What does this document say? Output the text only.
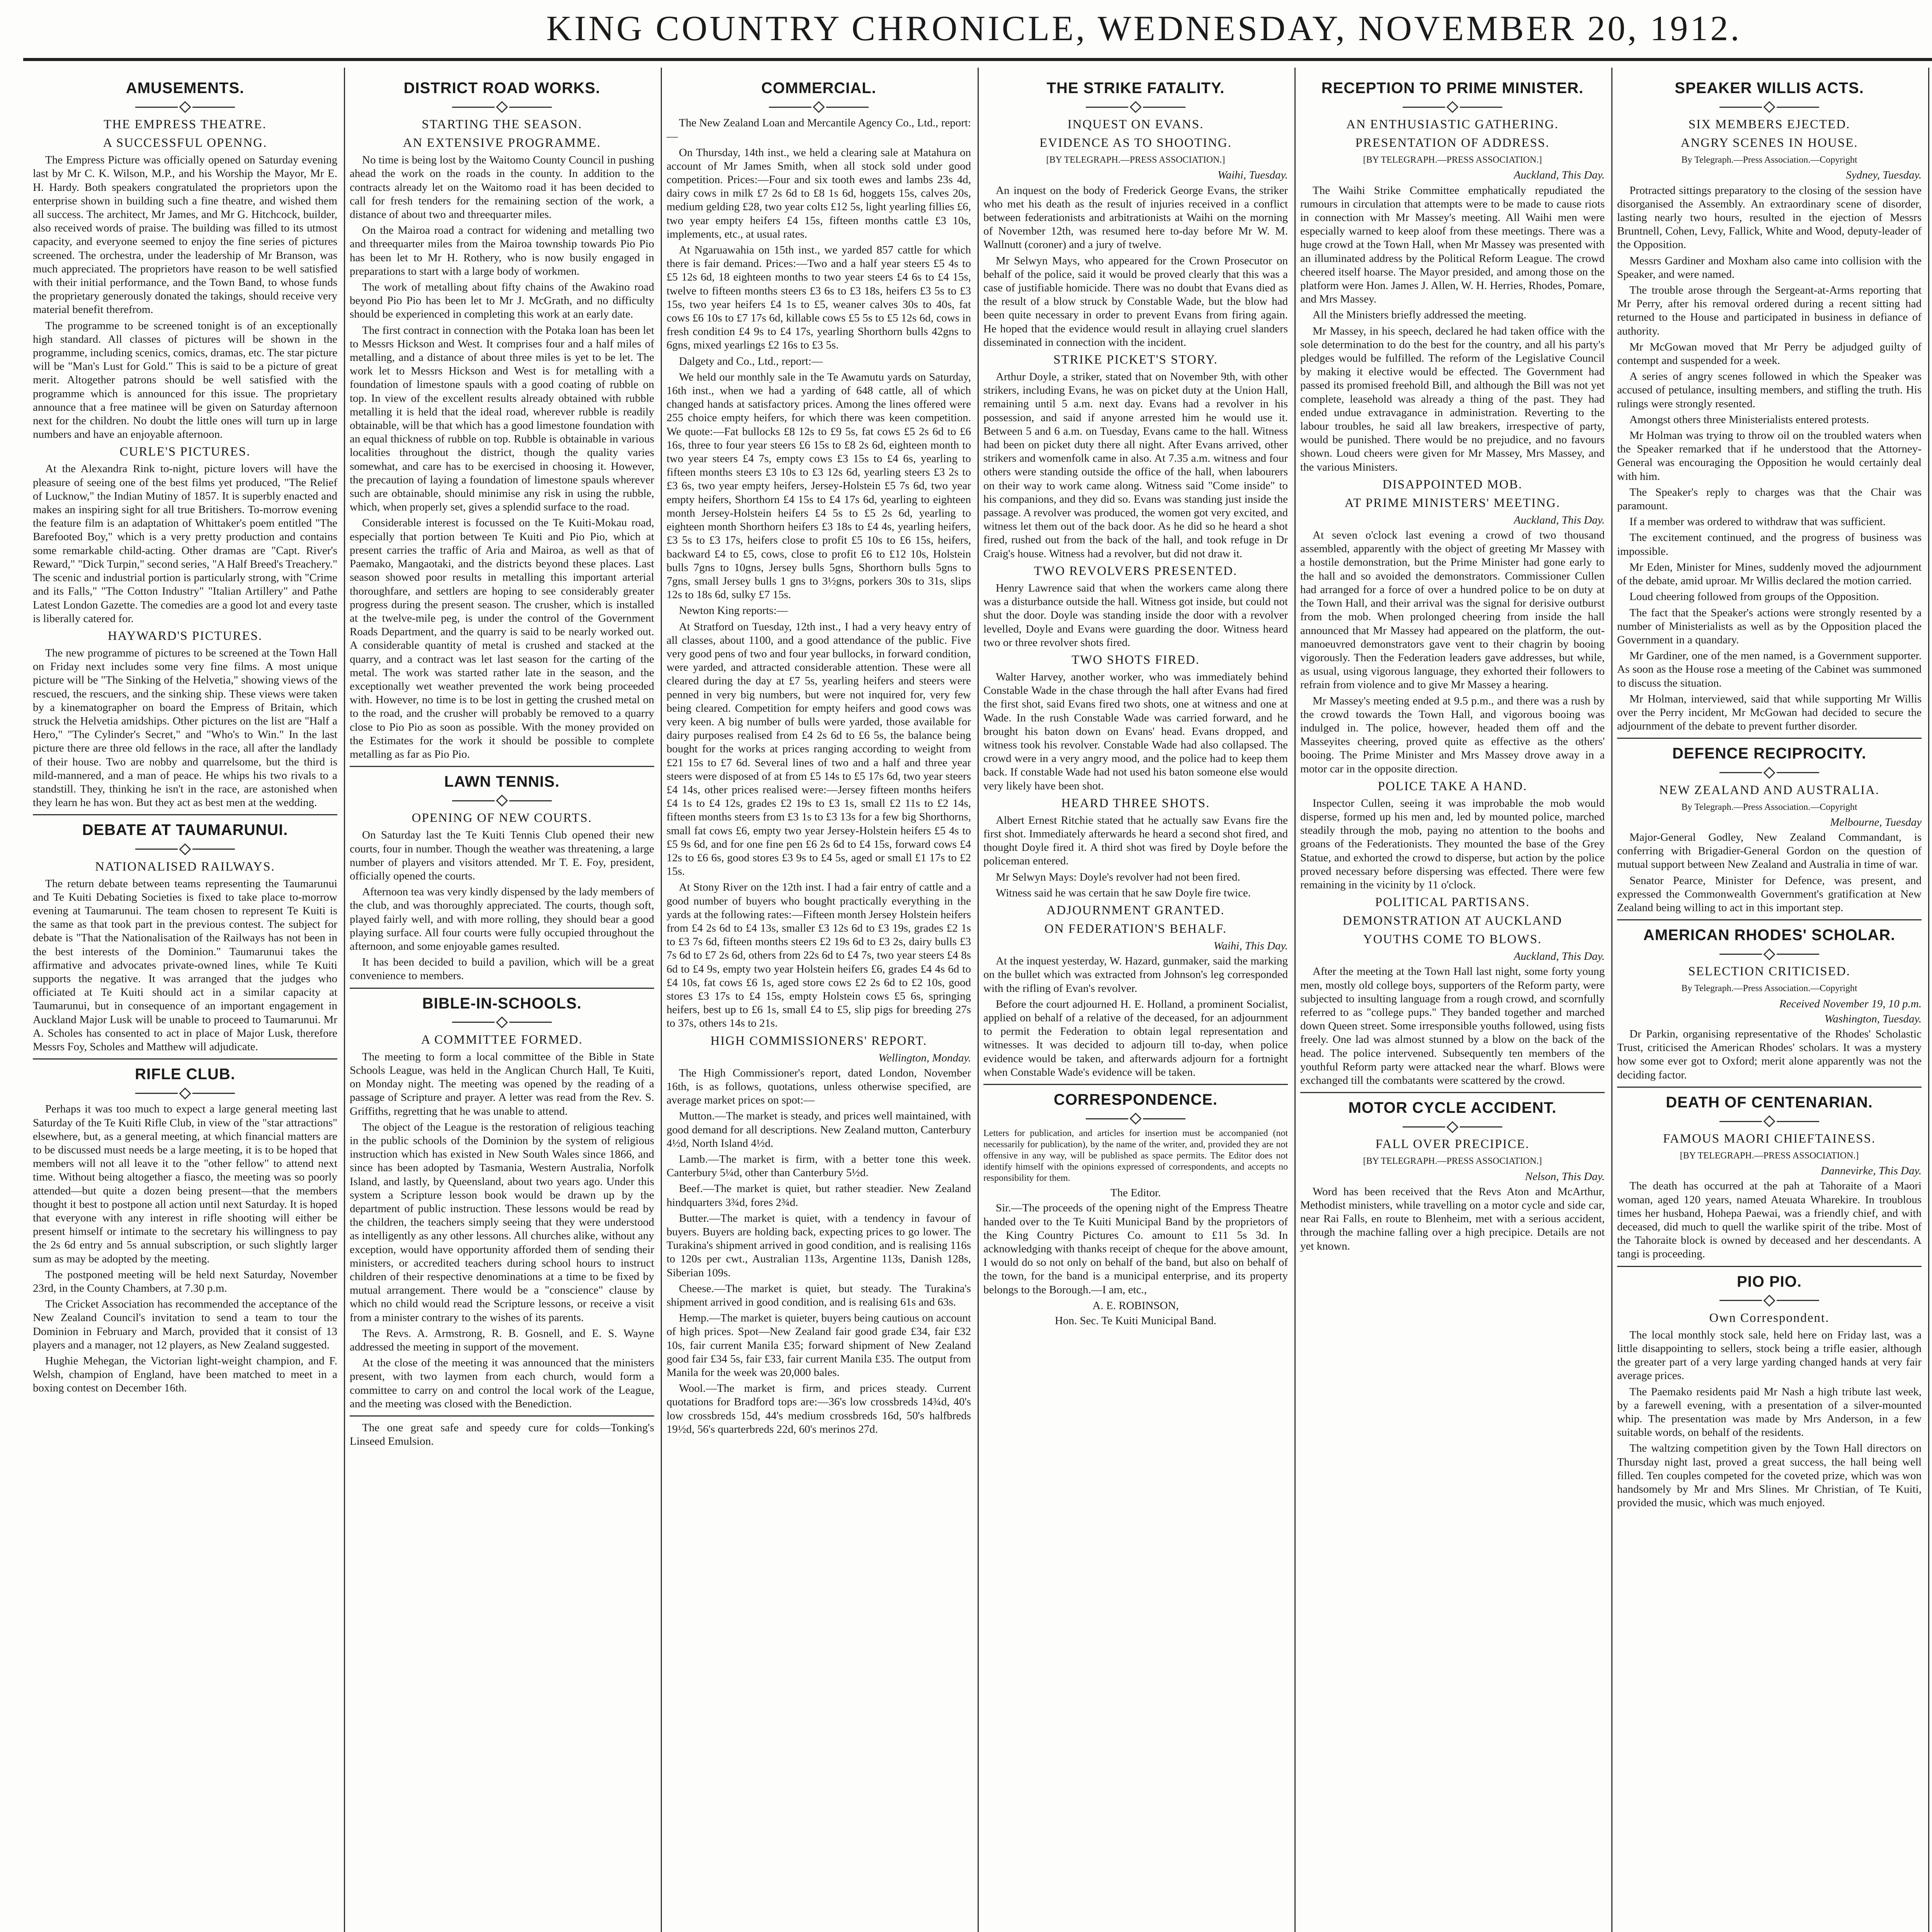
KING COUNTRY CHRONICLE, WEDNESDAY, NOVEMBER 20, 1912.
AMUSEMENTS.
THE EMPRESS THEATRE.
A SUCCESSFUL OPENNG.

The Empress Picture was officially opened on Saturday evening last by Mr C. K. Wilson, M.P., and his Worship the Mayor, Mr E. H. Hardy. Both speakers congratulated the proprietors upon the enterprise shown in building such a fine theatre, and wished them all success. The architect, Mr James, and Mr G. Hitchcock, builder, also received words of praise. The building was filled to its utmost capacity, and everyone seemed to enjoy the fine series of pictures screened. The orchestra, under the leadership of Mr Branson, was much appreciated. The proprietors have reason to be well satisfied with their initial performance, and the Town Band, to whose funds the proprietary generously donated the takings, should receive very material benefit therefrom.

The programme to be screened tonight is of an exceptionally high standard. All classes of pictures will be shown in the programme, including scenics, comics, dramas, etc. The star picture will be "Man's Lust for Gold." This is said to be a picture of great merit. Altogether patrons should be well satisfied with the programme which is announced for this issue. The proprietary announce that a free matinee will be given on Saturday afternoon next for the children. No doubt the little ones will turn up in large numbers and have an enjoyable afternoon.

CURLE'S PICTURES.

At the Alexandra Rink to-night, picture lovers will have the pleasure of seeing one of the best films yet produced, "The Relief of Lucknow," the Indian Mutiny of 1857. It is superbly enacted and makes an inspiring sight for all true Britishers. To-morrow evening the feature film is an adaptation of Whittaker's poem entitled "The Barefooted Boy," which is a very pretty production and contains some remarkable child-acting. Other dramas are "Capt. River's Reward," "Dick Turpin," second series, "A Half Breed's Treachery." The scenic and industrial portion is particularly strong, with "Crime and its Falls," "The Cotton Industry" "Italian Artillery" and Pathe Latest London Gazette. The comedies are a good lot and every taste is liberally catered for.

HAYWARD'S PICTURES.

The new programme of pictures to be screened at the Town Hall on Friday next includes some very fine films. A most unique picture will be "The Sinking of the Helvetia," showing views of the rescued, the rescuers, and the sinking ship. These views were taken by a kinematographer on board the Empress of Britain, which struck the Helvetia amidships. Other pictures on the list are "Half a Hero," "The Cylinder's Secret," and "Who's to Win." In the last picture there are three old fellows in the race, all after the landlady of their house. Two are nobby and quarrelsome, but the third is mild-mannered, and a man of peace. He whips his two rivals to a standstill. They, thinking he isn't in the race, are astonished when they learn he has won. But they act as best men at the wedding.

DEBATE AT TAUMARUNUI.
NATIONALISED RAILWAYS.

The return debate between teams representing the Taumarunui and Te Kuiti Debating Societies is fixed to take place to-morrow evening at Taumarunui. The team chosen to represent Te Kuiti is the same as that took part in the previous contest. The subject for debate is "That the Nationalisation of the Railways has not been in the best interests of the Dominion." Taumarunui takes the affirmative and advocates private-owned lines, while Te Kuiti supports the negative. It was arranged that the judges who officiated at Te Kuiti should act in a similar capacity at Taumarunui, but in consequence of an important engagement in Auckland Major Lusk will be unable to proceed to Taumarunui. Mr A. Scholes has consented to act in place of Major Lusk, therefore Messrs Foy, Scholes and Matthew will adjudicate.

RIFLE CLUB.

Perhaps it was too much to expect a large general meeting last Saturday of the Te Kuiti Rifle Club, in view of the "star attractions" elsewhere, but, as a general meeting, at which financial matters are to be discussed must needs be a large meeting, it is to be hoped that members will not all leave it to the "other fellow" to attend next time. Without being altogether a fiasco, the meeting was so poorly attended—but quite a dozen being present—that the members thought it best to postpone all action until next Saturday. It is hoped that everyone with any interest in rifle shooting will either be present himself or intimate to the secretary his willingness to pay the 2s 6d entry and 5s annual subscription, or such slightly larger sum as may be adopted by the meeting.

The postponed meeting will be held next Saturday, November 23rd, in the County Chambers, at 7.30 p.m.

The Cricket Association has recommended the acceptance of the New Zealand Council's invitation to send a team to tour the Dominion in February and March, provided that it consist of 13 players and a manager, not 12 players, as New Zealand suggested.

Hughie Mehegan, the Victorian light-weight champion, and F. Welsh, champion of England, have been matched to meet in a boxing contest on December 16th.

DISTRICT ROAD WORKS.
STARTING THE SEASON.
AN EXTENSIVE PROGRAMME.

No time is being lost by the Waitomo County Council in pushing ahead the work on the roads in the county. In addition to the contracts already let on the Waitomo road it has been decided to call for fresh tenders for the remaining section of the work, a distance of about two and threequarter miles.

On the Mairoa road a contract for widening and metalling two and threequarter miles from the Mairoa township towards Pio Pio has been let to Mr H. Rothery, who is now busily engaged in preparations to start with a large body of workmen.

The work of metalling about fifty chains of the Awakino road beyond Pio Pio has been let to Mr J. McGrath, and no difficulty should be experienced in completing this work at an early date.

The first contract in connection with the Potaka loan has been let to Messrs Hickson and West. It comprises four and a half miles of metalling, and a distance of about three miles is yet to be let. The work let to Messrs Hickson and West is for metalling with a foundation of limestone spauls with a good coating of rubble on top. In view of the excellent results already obtained with rubble metalling it is held that the ideal road, wherever rubble is readily obtainable, will be that which has a good limestone foundation with an equal thickness of rubble on top. Rubble is obtainable in various localities throughout the district, though the quality varies somewhat, and care has to be exercised in choosing it. However, the precaution of laying a foundation of limestone spauls wherever such are obtainable, should minimise any risk in using the rubble, which, when properly set, gives a splendid surface to the road.

Considerable interest is focussed on the Te Kuiti-Mokau road, especially that portion between Te Kuiti and Pio Pio, which at present carries the traffic of Aria and Mairoa, as well as that of Paemako, Mangaotaki, and the districts beyond these places. Last season showed poor results in metalling this important arterial thoroughfare, and settlers are hoping to see considerably greater progress during the present season. The crusher, which is installed at the twelve-mile peg, is under the control of the Government Roads Department, and the quarry is said to be nearly worked out. A considerable quantity of metal is crushed and stacked at the quarry, and a contract was let last season for the carting of the metal. The work was started rather late in the season, and the exceptionally wet weather prevented the work being proceeded with. However, no time is to be lost in getting the crushed metal on to the road, and the crusher will probably be removed to a quarry close to Pio Pio as soon as possible. With the money provided on the Estimates for the work it should be possible to complete metalling as far as Pio Pio.

LAWN TENNIS.
OPENING OF NEW COURTS.

On Saturday last the Te Kuiti Tennis Club opened their new courts, four in number. Though the weather was threatening, a large number of players and visitors attended. Mr T. E. Foy, president, officially opened the courts.

Afternoon tea was very kindly dispensed by the lady members of the club, and was thoroughly appreciated. The courts, though soft, played fairly well, and with more rolling, they should bear a good playing surface. All four courts were fully occupied throughout the afternoon, and some enjoyable games resulted.

It has been decided to build a pavilion, which will be a great convenience to members.

BIBLE-IN-SCHOOLS.
A COMMITTEE FORMED.

The meeting to form a local committee of the Bible in State Schools League, was held in the Anglican Church Hall, Te Kuiti, on Monday night. The meeting was opened by the reading of a passage of Scripture and prayer. A letter was read from the Rev. S. Griffiths, regretting that he was unable to attend.

The object of the League is the restoration of religious teaching in the public schools of the Dominion by the system of religious instruction which has existed in New South Wales since 1866, and since has been adopted by Tasmania, Western Australia, Norfolk Island, and lastly, by Queensland, about two years ago. Under this system a Scripture lesson book would be drawn up by the department of public instruction. These lessons would be read by the children, the teachers simply seeing that they were understood as intelligently as any other lessons. All churches alike, without any exception, would have opportunity afforded them of sending their ministers, or accredited teachers during school hours to instruct children of their respective denominations at a time to be fixed by mutual arrangement. There would be a "conscience" clause by which no child would read the Scripture lessons, or receive a visit from a minister contrary to the wishes of its parents.

The Revs. A. Armstrong, R. B. Gosnell, and E. S. Wayne addressed the meeting in support of the movement.

At the close of the meeting it was announced that the ministers present, with two laymen from each church, would form a committee to carry on and control the local work of the League, and the meeting was closed with the Benediction.

The one great safe and speedy cure for colds—Tonking's Linseed Emulsion.

COMMERCIAL.

The New Zealand Loan and Mercantile Agency Co., Ltd., report:—

On Thursday, 14th inst., we held a clearing sale at Matahura on account of Mr James Smith, when all stock sold under good competition. Prices:—Four and six tooth ewes and lambs 23s 4d, dairy cows in milk £7 2s 6d to £8 1s 6d, hoggets 15s, calves 20s, medium gelding £28, two year colts £12 5s, light yearling fillies £6, two year empty heifers £4 15s, fifteen months cattle £3 10s, implements, etc., at usual rates.

At Ngaruawahia on 15th inst., we yarded 857 cattle for which there is fair demand. Prices:—Two and a half year steers £5 4s to £5 12s 6d, 18 eighteen months to two year steers £4 6s to £4 15s, twelve to fifteen months steers £3 6s to £3 18s, heifers £3 5s to £3 15s, two year heifers £4 1s to £5, weaner calves 30s to 40s, fat cows £6 10s to £7 17s 6d, killable cows £5 5s to £5 12s 6d, cows in fresh condition £4 9s to £4 17s, yearling Shorthorn bulls 42gns to 6gns, mixed yearlings £2 16s to £3 5s.

Dalgety and Co., Ltd., report:—

We held our monthly sale in the Te Awamutu yards on Saturday, 16th inst., when we had a yarding of 648 cattle, all of which changed hands at satisfactory prices. Among the lines offered were 255 choice empty heifers, for which there was keen competition. We quote:—Fat bullocks £8 12s to £9 5s, fat cows £5 2s 6d to £6 16s, three to four year steers £6 15s to £8 2s 6d, eighteen month to two year steers £4 7s, empty cows £3 15s to £4 6s, yearling to fifteen months steers £3 10s to £3 12s 6d, yearling steers £3 2s to £3 6s, two year empty heifers, Jersey-Holstein £5 7s 6d, two year empty heifers, Shorthorn £4 15s to £4 17s 6d, yearling to eighteen month Jersey-Holstein heifers £4 5s to £5 2s 6d, yearling to eighteen month Shorthorn heifers £3 18s to £4 4s, yearling heifers, £3 5s to £3 17s, heifers close to profit £5 10s to £6 15s, heifers, backward £4 to £5, cows, close to profit £6 to £12 10s, Holstein bulls 7gns to 10gns, Jersey bulls 5gns, Shorthorn bulls 5gns to 7gns, small Jersey bulls 1 gns to 3½gns, porkers 30s to 31s, slips 12s to 18s 6d, sulky £7 15s.

Newton King reports:—

At Stratford on Tuesday, 12th inst., I had a very heavy entry of all classes, about 1100, and a good attendance of the public. Five very good pens of two and four year bullocks, in forward condition, were yarded, and attracted considerable attention. These were all cleared during the day at £7 5s, yearling heifers and steers were penned in very big numbers, but were not inquired for, very few being cleared. Competition for empty heifers and good cows was very keen. A big number of bulls were yarded, those available for dairy purposes realised from £4 2s 6d to £6 5s, the balance being bought for the works at prices ranging according to weight from £21 15s to £7 6d. Several lines of two and a half and three year steers were disposed of at from £5 14s to £5 17s 6d, two year steers £4 14s, other prices realised were:—Jersey fifteen months heifers £4 1s to £4 12s, grades £2 19s to £3 1s, small £2 11s to £2 14s, fifteen months steers from £3 1s to £3 13s for a few big Shorthorns, small fat cows £6, empty two year Jersey-Holstein heifers £5 4s to £5 9s 6d, and for one fine pen £6 2s 6d to £4 15s, forward cows £4 12s to £6 6s, good stores £3 9s to £4 5s, aged or small £1 17s to £2 15s.

At Stony River on the 12th inst. I had a fair entry of cattle and a good number of buyers who bought practically everything in the yards at the following rates:—Fifteen month Jersey Holstein heifers from £4 2s 6d to £4 13s, smaller £3 12s 6d to £3 19s, grades £2 1s to £3 7s 6d, fifteen months steers £2 19s 6d to £3 2s, dairy bulls £3 7s 6d to £7 2s 6d, others from 22s 6d to £4 7s, two year steers £4 8s 6d to £4 9s, empty two year Holstein heifers £6, grades £4 4s 6d to £4 10s, fat cows £6 1s, aged store cows £2 2s 6d to £2 10s, good stores £3 17s to £4 15s, empty Holstein cows £5 6s, springing heifers, best up to £6 1s, small £4 to £5, slip pigs for breeding 27s to 37s, others 14s to 21s.

HIGH COMMISSIONERS' REPORT.
Wellington, Monday.

The High Commissioner's report, dated London, November 16th, is as follows, quotations, unless otherwise specified, are average market prices on spot:—

Mutton.—The market is steady, and prices well maintained, with good demand for all descriptions. New Zealand mutton, Canterbury 4½d, North Island 4½d.

Lamb.—The market is firm, with a better tone this week. Canterbury 5¼d, other than Canterbury 5½d.

Beef.—The market is quiet, but rather steadier. New Zealand hindquarters 3¾d, fores 2¾d.

Butter.—The market is quiet, with a tendency in favour of buyers. Buyers are holding back, expecting prices to go lower. The Turakina's shipment arrived in good condition, and is realising 116s to 120s per cwt., Australian 113s, Argentine 113s, Danish 128s, Siberian 109s.

Cheese.—The market is quiet, but steady. The Turakina's shipment arrived in good condition, and is realising 61s and 63s.

Hemp.—The market is quieter, buyers being cautious on account of high prices. Spot—New Zealand fair good grade £34, fair £32 10s, fair current Manila £35; forward shipment of New Zealand good fair £34 5s, fair £33, fair current Manila £35. The output from Manila for the week was 20,000 bales.

Wool.—The market is firm, and prices steady. Current quotations for Bradford tops are:—36's low crossbreds 14¾d, 40's low crossbreds 15d, 44's medium crossbreds 16d, 50's halfbreds 19½d, 56's quarterbreds 22d, 60's merinos 27d.

THE STRIKE FATALITY.
INQUEST ON EVANS.
EVIDENCE AS TO SHOOTING.
[BY TELEGRAPH.—PRESS ASSOCIATION.]
Waihi, Tuesday.

An inquest on the body of Frederick George Evans, the striker who met his death as the result of injuries received in a conflict between federationists and arbitrationists at Waihi on the morning of November 12th, was resumed here to-day before Mr W. M. Wallnutt (coroner) and a jury of twelve.

Mr Selwyn Mays, who appeared for the Crown Prosecutor on behalf of the police, said it would be proved clearly that this was a case of justifiable homicide. There was no doubt that Evans died as the result of a blow struck by Constable Wade, but the blow had been quite necessary in order to prevent Evans from firing again. He hoped that the evidence would result in allaying cruel slanders disseminated in connection with the incident.

STRIKE PICKET'S STORY.

Arthur Doyle, a striker, stated that on November 9th, with other strikers, including Evans, he was on picket duty at the Union Hall, remaining until 5 a.m. next day. Evans had a revolver in his possession, and said if anyone arrested him he would use it. Between 5 and 6 a.m. on Tuesday, Evans came to the hall. Witness had been on picket duty there all night. After Evans arrived, other strikers and womenfolk came in also. At 7.35 a.m. witness and four others were standing outside the office of the hall, when labourers on their way to work came along. Witness said "Come inside" to his companions, and they did so. Evans was standing just inside the passage. A revolver was produced, the women got very excited, and witness let them out of the back door. As he did so he heard a shot fired, rushed out from the back of the hall, and took refuge in Dr Craig's house. Witness had a revolver, but did not draw it.

TWO REVOLVERS PRESENTED.

Henry Lawrence said that when the workers came along there was a disturbance outside the hall. Witness got inside, but could not shut the door. Doyle was standing inside the door with a revolver levelled, Doyle and Evans were guarding the door. Witness heard two or three revolver shots fired.

TWO SHOTS FIRED.

Walter Harvey, another worker, who was immediately behind Constable Wade in the chase through the hall after Evans had fired the first shot, said Evans fired two shots, one at witness and one at Wade. In the rush Constable Wade was carried forward, and he brought his baton down on Evans' head. Evans dropped, and witness took his revolver. Constable Wade had also collapsed. The crowd were in a very angry mood, and the police had to keep them back. If constable Wade had not used his baton someone else would very likely have been shot.

HEARD THREE SHOTS.

Albert Ernest Ritchie stated that he actually saw Evans fire the first shot. Immediately afterwards he heard a second shot fired, and thought Doyle fired it. A third shot was fired by Doyle before the policeman entered.

Mr Selwyn Mays: Doyle's revolver had not been fired.

Witness said he was certain that he saw Doyle fire twice.

ADJOURNMENT GRANTED.
ON FEDERATION'S BEHALF.
Waihi, This Day.

At the inquest yesterday, W. Hazard, gunmaker, said the marking on the bullet which was extracted from Johnson's leg corresponded with the rifling of Evan's revolver.

Before the court adjourned H. E. Holland, a prominent Socialist, applied on behalf of a relative of the deceased, for an adjournment to permit the Federation to obtain legal representation and witnesses. It was decided to adjourn till to-day, when police evidence would be taken, and afterwards adjourn for a fortnight when Constable Wade's evidence will be taken.

CORRESPONDENCE.

Letters for publication, and articles for insertion must be accompanied (not necessarily for publication), by the name of the writer, and, provided they are not offensive in any way, will be published as space permits. The Editor does not identify himself with the opinions expressed of correspondents, and accepts no responsibility for them.

The Editor.

Sir.—The proceeds of the opening night of the Empress Theatre handed over to the Te Kuiti Municipal Band by the proprietors of the King Country Pictures Co. amount to £11 5s 3d. In acknowledging with thanks receipt of cheque for the above amount, I would do so not only on behalf of the band, but also on behalf of the town, for the band is a municipal enterprise, and its property belongs to the Borough.—I am, etc.,

A. E. ROBINSON,
Hon. Sec. Te Kuiti Municipal Band.
RECEPTION TO PRIME MINISTER.
AN ENTHUSIASTIC GATHERING.
PRESENTATION OF ADDRESS.
[BY TELEGRAPH.—PRESS ASSOCIATION.]
Auckland, This Day.

The Waihi Strike Committee emphatically repudiated the rumours in circulation that attempts were to be made to cause riots in connection with Mr Massey's meeting. All Waihi men were especially warned to keep aloof from these meetings. There was a huge crowd at the Town Hall, when Mr Massey was presented with an illuminated address by the Political Reform League. The crowd cheered itself hoarse. The Mayor presided, and among those on the platform were Hon. James J. Allen, W. H. Herries, Rhodes, Pomare, and Mrs Massey.

All the Ministers briefly addressed the meeting.

Mr Massey, in his speech, declared he had taken office with the sole determination to do the best for the country, and all his party's pledges would be fulfilled. The reform of the Legislative Council by making it elective would be effected. The Government had passed its promised freehold Bill, and although the Bill was not yet complete, leasehold was already a thing of the past. They had ended undue extravagance in administration. Reverting to the labour troubles, he said all law breakers, irrespective of party, would be punished. There would be no prejudice, and no favours shown. Loud cheers were given for Mr Massey, Mrs Massey, and the various Ministers.

DISAPPOINTED MOB.
AT PRIME MINISTERS' MEETING.
Auckland, This Day.

At seven o'clock last evening a crowd of two thousand assembled, apparently with the object of greeting Mr Massey with a hostile demonstration, but the Prime Minister had gone early to the hall and so avoided the demonstrators. Commissioner Cullen had arranged for a force of over a hundred police to be on duty at the Town Hall, and their arrival was the signal for derisive outburst from the mob. When prolonged cheering from inside the hall announced that Mr Massey had appeared on the platform, the out-manoeuvred demonstrators gave vent to their chagrin by booing vigorously. Then the Federation leaders gave addresses, but while, as usual, using vigorous language, they exhorted their followers to refrain from violence and to give Mr Massey a hearing.

Mr Massey's meeting ended at 9.5 p.m., and there was a rush by the crowd towards the Town Hall, and vigorous booing was indulged in. The police, however, headed them off and the Masseyites cheering, proved quite as effective as the others' booing. The Prime Minister and Mrs Massey drove away in a motor car in the opposite direction.

POLICE TAKE A HAND.

Inspector Cullen, seeing it was improbable the mob would disperse, formed up his men and, led by mounted police, marched steadily through the mob, paying no attention to the boohs and groans of the Federationists. They mounted the base of the Grey Statue, and exhorted the crowd to disperse, but action by the police proved necessary before dispersing was effected. There were few remaining in the vicinity by 11 o'clock.

POLITICAL PARTISANS.
DEMONSTRATION AT AUCKLAND
YOUTHS COME TO BLOWS.
Auckland, This Day.

After the meeting at the Town Hall last night, some forty young men, mostly old college boys, supporters of the Reform party, were subjected to insulting language from a rough crowd, and scornfully referred to as "college pups." They banded together and marched down Queen street. Some irresponsible youths followed, using fists freely. One lad was almost stunned by a blow on the back of the head. The police intervened. Subsequently ten members of the youthful Reform party were attacked near the wharf. Blows were exchanged till the combatants were scattered by the crowd.

MOTOR CYCLE ACCIDENT.
FALL OVER PRECIPICE.
[BY TELEGRAPH.—PRESS ASSOCIATION.]
Nelson, This Day.

Word has been received that the Revs Aton and McArthur, Methodist ministers, while travelling on a motor cycle and side car, near Rai Falls, en route to Blenheim, met with a serious accident, through the machine falling over a high precipice. Details are not yet known.

SPEAKER WILLIS ACTS.
SIX MEMBERS EJECTED.
ANGRY SCENES IN HOUSE.
By Telegraph.—Press Association.—Copyright
Sydney, Tuesday.

Protracted sittings preparatory to the closing of the session have disorganised the Assembly. An extraordinary scene of disorder, lasting nearly two hours, resulted in the ejection of Messrs Bruntnell, Cohen, Levy, Fallick, White and Wood, deputy-leader of the Opposition.

Messrs Gardiner and Moxham also came into collision with the Speaker, and were named.

The trouble arose through the Sergeant-at-Arms reporting that Mr Perry, after his removal ordered during a recent sitting had returned to the House and participated in business in defiance of authority.

Mr McGowan moved that Mr Perry be adjudged guilty of contempt and suspended for a week.

A series of angry scenes followed in which the Speaker was accused of petulance, insulting members, and stifling the truth. His rulings were strongly resented.

Amongst others three Ministerialists entered protests.

Mr Holman was trying to throw oil on the troubled waters when the Speaker remarked that if he understood that the Attorney-General was encouraging the Opposition he would certainly deal with him.

The Speaker's reply to charges was that the Chair was paramount.

If a member was ordered to withdraw that was sufficient.

The excitement continued, and the progress of business was impossible.

Mr Eden, Minister for Mines, suddenly moved the adjournment of the debate, amid uproar. Mr Willis declared the motion carried.

Loud cheering followed from groups of the Opposition.

The fact that the Speaker's actions were strongly resented by a number of Ministerialists as well as by the Opposition placed the Government in a quandary.

Mr Gardiner, one of the men named, is a Government supporter. As soon as the House rose a meeting of the Cabinet was summoned to discuss the situation.

Mr Holman, interviewed, said that while supporting Mr Willis over the Perry incident, Mr McGowan had decided to secure the adjournment of the debate to prevent further disorder.

DEFENCE RECIPROCITY.
NEW ZEALAND AND AUSTRALIA.
By Telegraph.—Press Association.—Copyright
Melbourne, Tuesday

Major-General Godley, New Zealand Commandant, is conferring with Brigadier-General Gordon on the question of mutual support between New Zealand and Australia in time of war.

Senator Pearce, Minister for Defence, was present, and expressed the Commonwealth Government's gratification at New Zealand being willing to act in this important step.

AMERICAN RHODES' SCHOLAR.
SELECTION CRITICISED.
By Telegraph.—Press Association.—Copyright
Received November 19, 10 p.m.
Washington, Tuesday.

Dr Parkin, organising representative of the Rhodes' Scholastic Trust, criticised the American Rhodes' scholars. It was a mystery how some ever got to Oxford; merit alone apparently was not the deciding factor.

DEATH OF CENTENARIAN.
FAMOUS MAORI CHIEFTAINESS.
[BY TELEGRAPH.—PRESS ASSOCIATION.]
Dannevirke, This Day.

The death has occurred at the pah at Tahoraite of a Maori woman, aged 120 years, named Ateuata Wharekire. In troublous times her husband, Hohepa Paewai, was a friendly chief, and with deceased, did much to quell the warlike spirit of the tribe. Most of the Tahoraite block is owned by deceased and her descendants. A tangi is proceeding.

PIO PIO.
Own Correspondent.

The local monthly stock sale, held here on Friday last, was a little disappointing to sellers, stock being a trifle easier, although the greater part of a very large yarding changed hands at very fair average prices.

The Paemako residents paid Mr Nash a high tribute last week, by a farewell evening, with a presentation of a silver-mounted whip. The presentation was made by Mrs Anderson, in a few suitable words, on behalf of the residents.

The waltzing competition given by the Town Hall directors on Thursday night last, proved a great success, the hall being well filled. Ten couples competed for the coveted prize, which was won handsomely by Mr and Mrs Slines. Mr Christian, of Te Kuiti, provided the music, which was much enjoyed.
